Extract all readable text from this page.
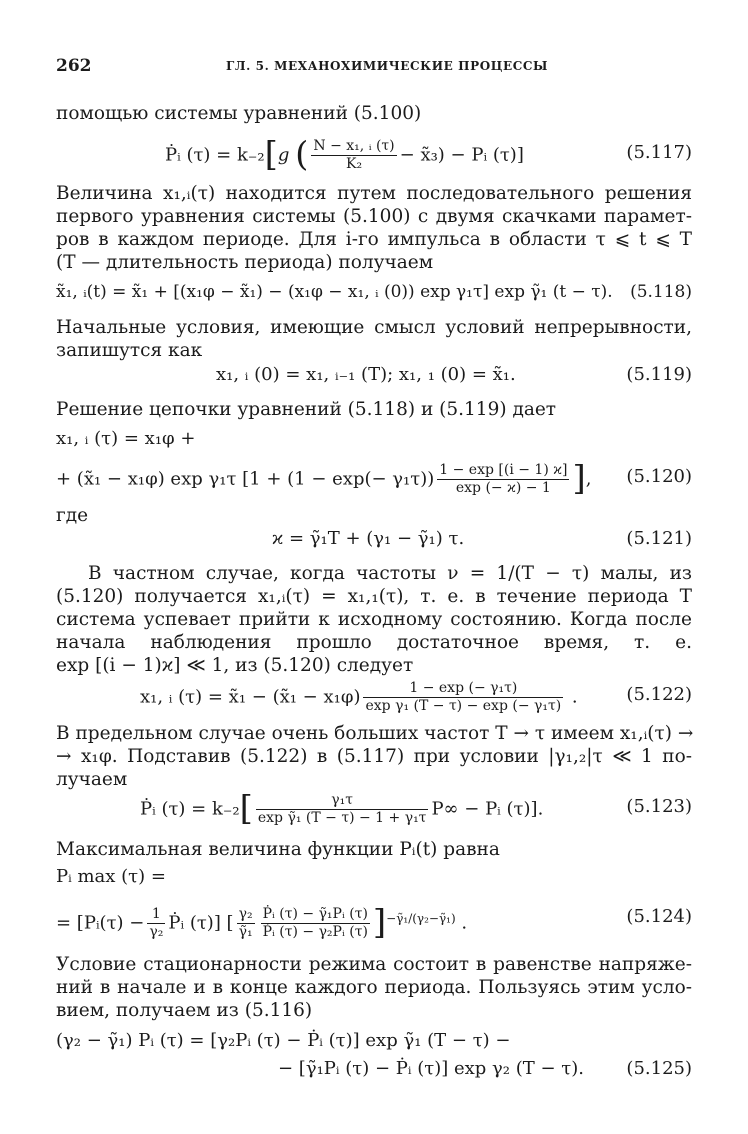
262	ГЛ. 5. МЕХАНОХИМИЧЕСКИЕ ПРОЦЕССЫ
помощью системы уравнений (5.100)
Ṗᵢ (τ) = k₋₂[g ( $\frac{\text{N − x₁, ᵢ (τ)}}{\text{K₂}}$ − x̃₃) − Pᵢ (τ)]	(5.117)
Величина x₁,ᵢ(τ) находится путем последовательного решения
первого уравнения системы (5.100) с двумя скачками парамет-
ров в каждом периоде. Для i-го импульса в области τ ⩽ t ⩽ T
(T — длительность периода) получаем
x̃₁, ᵢ(t) = x̃₁ + [(x₁φ − x̃₁) − (x₁φ − x₁, ᵢ (0)) exp γ₁τ] exp γ̃₁ (t − τ). (5.118)
Начальные условия, имеющие смысл условий непрерывности,
запишутся как
x₁, ᵢ (0) = x₁, ᵢ₋₁ (T); x₁, ₁ (0) = x̃₁.	(5.119)
Решение цепочки уравнений (5.118) и (5.119) дает
x₁, ᵢ (τ) = x₁φ +
+ (x̃₁ − x₁φ) exp γ₁τ [$1 + (1 - \exp(- \gamma_1\tau)) \frac{1 - \exp [(i - 1) ϰ]}{\exp (- ϰ) - 1}$ ], (5.120)
где
ϰ = γ̃₁T + (γ₁ − γ̃₁) τ.	(5.121)
В частном случае, когда частоты ν = 1/(T − τ) малы, из
(5.120) получается x₁,ᵢ(τ) = x₁,₁(τ), т. е. в течение периода T
система успевает прийти к исходному состоянию. Когда после
начала наблюдения прошло достаточное время, т. е.
exp [(i − 1)ϰ] ≪ 1, из (5.120) следует
x₁, ᵢ (τ) = x̃₁ − (x̃₁ − $x_1\varphi) \frac{\text{1 − exp (− γ₁τ)}}{\text{exp γ₁ (T − τ) − exp (− γ₁τ)}}$ .	(5.122)
В предельном случае очень больших частот T → τ имеем x₁,ᵢ(τ) →
→ x₁φ. Подставив (5.122) в (5.117) при условии |γ₁,₂|τ ≪ 1 по-
лучаем
Ṗᵢ $(\tau) = k_{-2}[ \frac{\text{γ₁τ}}{\text{exp γ̃₁ (T − τ) − 1 + γ₁τ}} P\infty$ − Pᵢ (τ)].	(5.123)
Максимальная величина функции Pᵢ(t) равна
Pᵢ max (τ) =
= [Pᵢ(τ) − $\frac{1}{\text{γ₂}}$ Ṗᵢ (τ)] [ $\frac{\text{γ₂}}{\text{γ̃₁}} \frac{\text{Ṗᵢ (τ) − γ̃₁Pᵢ (τ)}}{\text{Ṗᵢ (τ) − γ₂Pᵢ (τ)}} ]^{-\gammã_1/(\gamma_2-\gammã_1)}$ .	(5.124)
Условие стационарности режима состоит в равенстве напряже-
ний в начале и в конце каждого периода. Пользуясь этим усло-
вием, получаем из (5.116)
(γ₂ − γ̃₁) Pᵢ (τ) = [γ₂Pᵢ (τ) − Ṗᵢ (τ)] exp γ̃₁ (T − τ) −
− [γ̃₁Pᵢ (τ) − Ṗᵢ (τ)] exp γ₂ (T − τ). (5.125)
